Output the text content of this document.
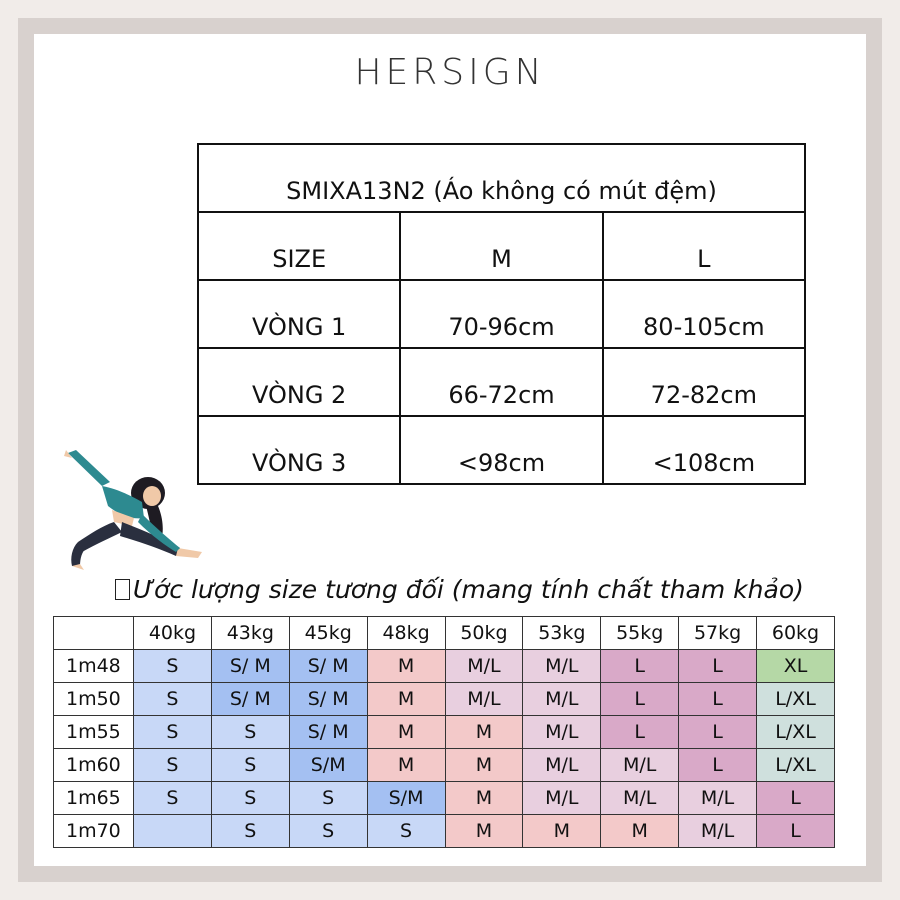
HERSIGN
SMIXA13N2 (Áo không có mút đệm)		
SIZE	M	L
VÒNG 1	70-96cm	80-105cm
VÒNG 2	66-72cm	72-82cm
VÒNG 3	<98cm	<108cm
Ước lượng size tương đối (mang tính chất tham khảo)
	40kg	43kg	45kg	48kg	50kg	53kg	55kg	57kg	60kg
1m48	S	S/ M	S/ M	M	M/L	M/L	L	L	XL
1m50	S	S/ M	S/ M	M	M/L	M/L	L	L	L/XL
1m55	S	S	S/ M	M	M	M/L	L	L	L/XL
1m60	S	S	S/M	M	M	M/L	M/L	L	L/XL
1m65	S	S	S	S/M	M	M/L	M/L	M/L	L
1m70		S	S	S	M	M	M	M/L	L
